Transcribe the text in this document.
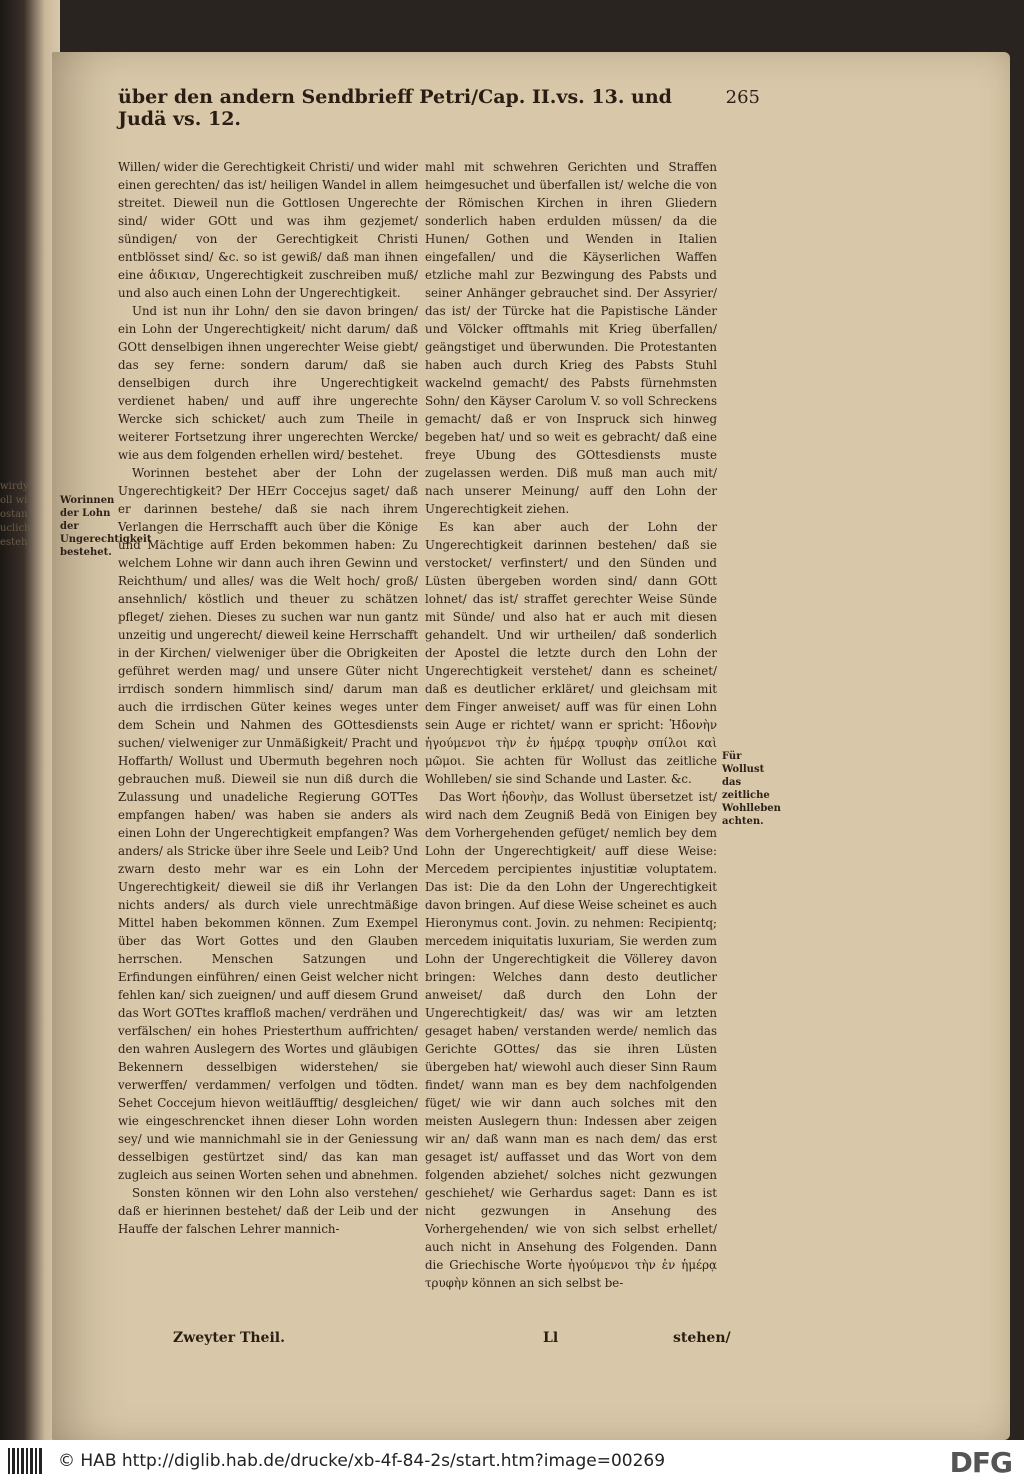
wirdy
oll wi
ostan
uclich
esteh
über den andern Sendbrieff Petri/Cap. II.vs. 13. und Judä vs. 12.
265
Worinnen der Lohn der Ungerechtigkeit bestehet.
Für Wollust das zeitliche Wohlleben achten.

Willen/ wider die Gerechtigkeit Christi/ und wider einen gerechten/ das ist/ heiligen Wandel in allem streitet. Dieweil nun die Gottlosen Ungerechte sind/ wider GOtt und was ihm gezjemet/ sündigen/ von der Gerechtigkeit Christi entblösset sind/ &c. so ist gewiß/ daß man ihnen eine ἀδικιαν, Ungerechtigkeit zuschreiben muß/ und also auch einen Lohn der Ungerechtigkeit.

Und ist nun ihr Lohn/ den sie davon bringen/ ein Lohn der Ungerechtigkeit/ nicht darum/ daß GOtt denselbigen ihnen ungerechter Weise giebt/ das sey ferne: sondern darum/ daß sie denselbigen durch ihre Ungerechtigkeit verdienet haben/ und auff ihre ungerechte Wercke sich schicket/ auch zum Theile in weiterer Fortsetzung ihrer ungerechten Wercke/ wie aus dem folgenden erhellen wird/ bestehet.

Worinnen bestehet aber der Lohn der Ungerechtigkeit? Der HErr Coccejus saget/ daß er darinnen bestehe/ daß sie nach ihrem Verlangen die Herrschafft auch über die Könige und Mächtige auff Erden bekommen haben: Zu welchem Lohne wir dann auch ihren Gewinn und Reichthum/ und alles/ was die Welt hoch/ groß/ ansehnlich/ köstlich und theuer zu schätzen pfleget/ ziehen. Dieses zu suchen war nun gantz unzeitig und ungerecht/ dieweil keine Herrschafft in der Kirchen/ vielweniger über die Obrigkeiten geführet werden mag/ und unsere Güter nicht irrdisch sondern himmlisch sind/ darum man auch die irrdischen Güter keines weges unter dem Schein und Nahmen des GOttesdiensts suchen/ vielweniger zur Unmäßigkeit/ Pracht und Hoffarth/ Wollust und Ubermuth begehren noch gebrauchen muß. Dieweil sie nun diß durch die Zulassung und unadeliche Regierung GOTTes empfangen haben/ was haben sie anders als einen Lohn der Ungerechtigkeit empfangen? Was anders/ als Stricke über ihre Seele und Leib? Und zwarn desto mehr war es ein Lohn der Ungerechtigkeit/ dieweil sie diß ihr Verlangen nichts anders/ als durch viele unrechtmäßige Mittel haben bekommen können. Zum Exempel über das Wort Gottes und den Glauben herrschen. Menschen Satzungen und Erfindungen einführen/ einen Geist welcher nicht fehlen kan/ sich zueignen/ und auff diesem Grund das Wort GOTtes kraffloß machen/ verdrähen und verfälschen/ ein hohes Priesterthum auffrichten/ den wahren Auslegern des Wortes und gläubigen Bekennern desselbigen widerstehen/ sie verwerffen/ verdammen/ verfolgen und tödten. Sehet Coccejum hievon weitläufftig/ desgleichen/ wie eingeschrencket ihnen dieser Lohn worden sey/ und wie mannichmahl sie in der Geniessung desselbigen gestürtzet sind/ das kan man zugleich aus seinen Worten sehen und abnehmen.

Sonsten können wir den Lohn also verstehen/ daß er hierinnen bestehet/ daß der Leib und der Hauffe der falschen Lehrer mannich-

mahl mit schwehren Gerichten und Straffen heimgesuchet und überfallen ist/ welche die von der Römischen Kirchen in ihren Gliedern sonderlich haben erdulden müssen/ da die Hunen/ Gothen und Wenden in Italien eingefallen/ und die Käyserlichen Waffen etzliche mahl zur Bezwingung des Pabsts und seiner Anhänger gebrauchet sind. Der Assyrier/ das ist/ der Türcke hat die Papistische Länder und Völcker offtmahls mit Krieg überfallen/ geängstiget und überwunden. Die Protestanten haben auch durch Krieg des Pabsts Stuhl wackelnd gemacht/ des Pabsts fürnehmsten Sohn/ den Käyser Carolum V. so voll Schreckens gemacht/ daß er von Inspruck sich hinweg begeben hat/ und so weit es gebracht/ daß eine freye Ubung des GOttesdiensts muste zugelassen werden. Diß muß man auch mit/ nach unserer Meinung/ auff den Lohn der Ungerechtigkeit ziehen.

Es kan aber auch der Lohn der Ungerechtigkeit darinnen bestehen/ daß sie verstocket/ verfinstert/ und den Sünden und Lüsten übergeben worden sind/ dann GOtt lohnet/ das ist/ straffet gerechter Weise Sünde mit Sünde/ und also hat er auch mit diesen gehandelt. Und wir urtheilen/ daß sonderlich der Apostel die letzte durch den Lohn der Ungerechtigkeit verstehet/ dann es scheinet/ daß es deutlicher erkläret/ und gleichsam mit dem Finger anweiset/ auff was für einen Lohn sein Auge er richtet/ wann er spricht: Ἡδονὴν ἡγούμενοι τὴν ἐν ἡμέρᾳ τρυφὴν σπίλοι καὶ μῶμοι. Sie achten für Wollust das zeitliche Wohlleben/ sie sind Schande und Laster. &c.

Das Wort ἡδονὴν, das Wollust übersetzet ist/ wird nach dem Zeugniß Bedä von Einigen bey dem Vorhergehenden gefüget/ nemlich bey dem Lohn der Ungerechtigkeit/ auff diese Weise: Mercedem percipientes injustitiæ voluptatem. Das ist: Die da den Lohn der Ungerechtigkeit davon bringen. Auf diese Weise scheinet es auch Hieronymus cont. Jovin. zu nehmen: Recipientq; mercedem iniquitatis luxuriam, Sie werden zum Lohn der Ungerechtigkeit die Völlerey davon bringen: Welches dann desto deutlicher anweiset/ daß durch den Lohn der Ungerechtigkeit/ das/ was wir am letzten gesaget haben/ verstanden werde/ nemlich das Gerichte GOttes/ das sie ihren Lüsten übergeben hat/ wiewohl auch dieser Sinn Raum findet/ wann man es bey dem nachfolgenden füget/ wie wir dann auch solches mit den meisten Auslegern thun: Indessen aber zeigen wir an/ daß wann man es nach dem/ das erst gesaget ist/ auffasset und das Wort von dem folgenden abziehet/ solches nicht gezwungen geschiehet/ wie Gerhardus saget: Dann es ist nicht gezwungen in Ansehung des Vorhergehenden/ wie von sich selbst erhellet/ auch nicht in Ansehung des Folgenden. Dann die Griechische Worte ἡγούμενοι τὴν ἐν ἡμέρᾳ τρυφὴν können an sich selbst be-

Zweyter Theil.	Ll	stehen/
© HAB http://diglib.hab.de/drucke/xb-4f-84-2s/start.htm?image=00269	DFG
